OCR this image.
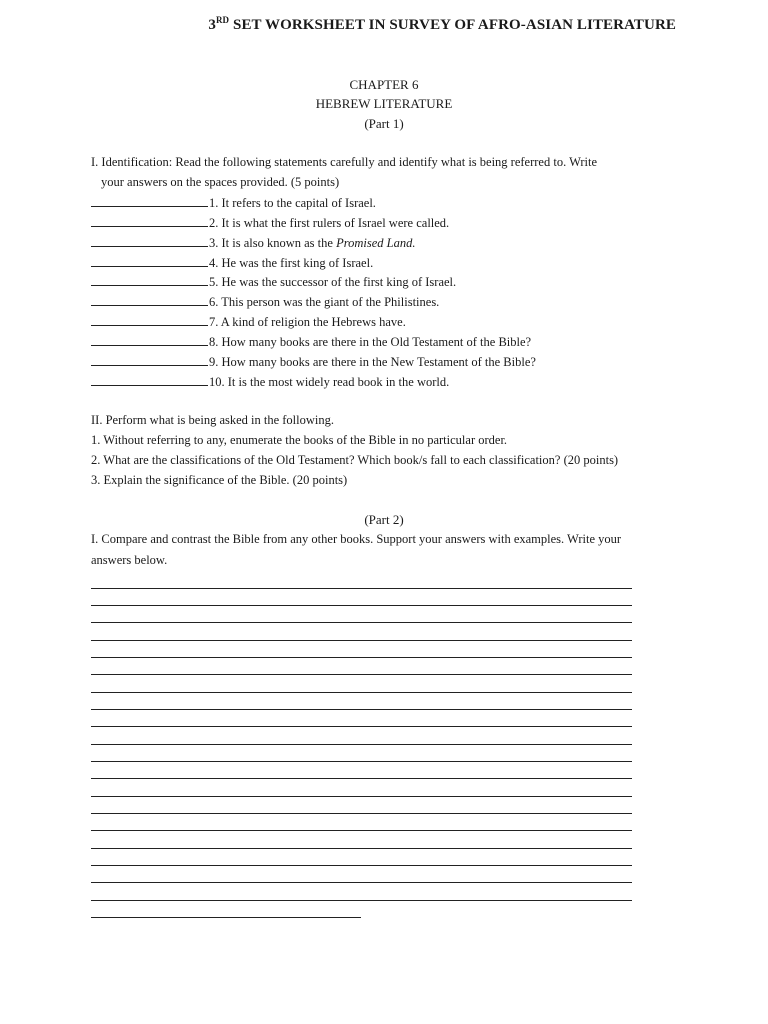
3RD SET WORKSHEET IN SURVEY OF AFRO-ASIAN LITERATURE
CHAPTER 6
HEBREW LITERATURE
(Part 1)
I. Identification: Read the following statements carefully and identify what is being referred to. Write
your answers on the spaces provided. (5 points)
1. It refers to the capital of Israel.
2. It is what the first rulers of Israel were called.
3. It is also known as the Promised Land.
4. He was the first king of Israel.
5. He was the successor of the first king of Israel.
6. This person was the giant of the Philistines.
7. A kind of religion the Hebrews have.
8. How many books are there in the Old Testament of the Bible?
9. How many books are there in the New Testament of the Bible?
10. It is the most widely read book in the world.
II. Perform what is being asked in the following.
1. Without referring to any, enumerate the books of the Bible in no particular order.
2. What are the classifications of the Old Testament? Which book/s fall to each classification? (20 points)
3. Explain the significance of the Bible. (20 points)
(Part 2)
I. Compare and contrast the Bible from any other books. Support your answers with examples. Write your
answers below.
